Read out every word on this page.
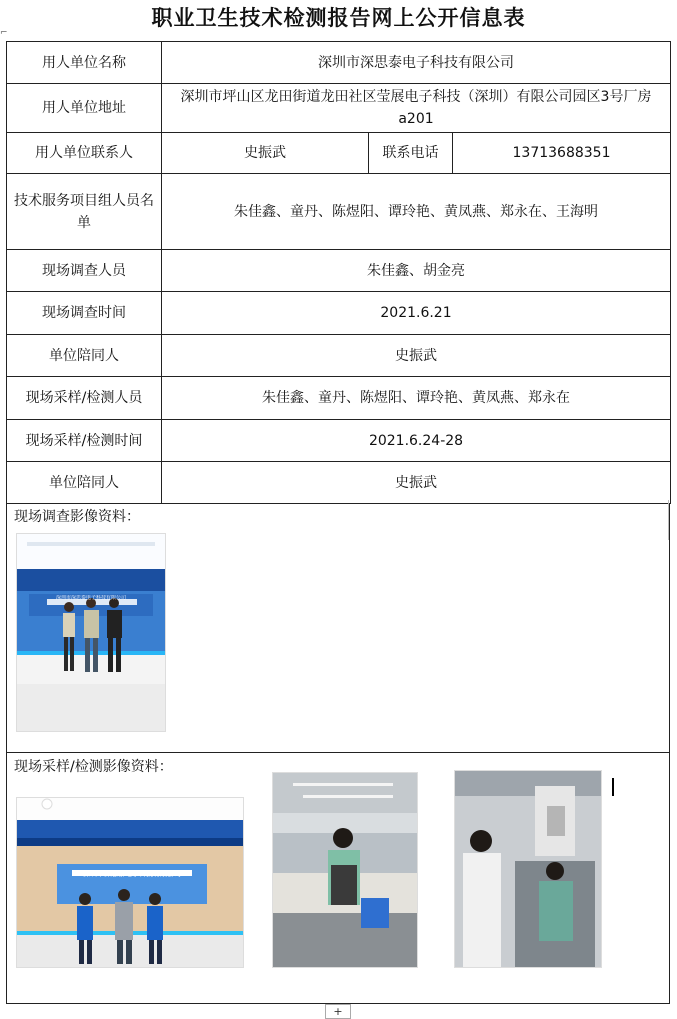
⌐
职业卫生技术检测报告网上公开信息表
用人单位名称	深圳市深思泰电子科技有限公司		
用人单位地址	深圳市坪山区龙田街道龙田社区莹展电子科技（深圳）有限公司园区3号厂房 a201		
用人单位联系人	史振武	联系电话	13713688351
技术服务项目组人员名单	朱佳鑫、童丹、陈煜阳、谭玲艳、黄凤燕、郑永在、王海明		
现场调查人员	朱佳鑫、胡金亮		
现场调查时间	2021.6.21		
单位陪同人	史振武		
现场采样/检测人员	朱佳鑫、童丹、陈煜阳、谭玲艳、黄凤燕、郑永在		
现场采样/检测时间	2021.6.24-28		
单位陪同人	史振武		
现场调查影像资料：
深圳市深思泰电子科技有限公司
现场采样/检测影像资料：
深圳市深思泰电子科技有限公司
+
